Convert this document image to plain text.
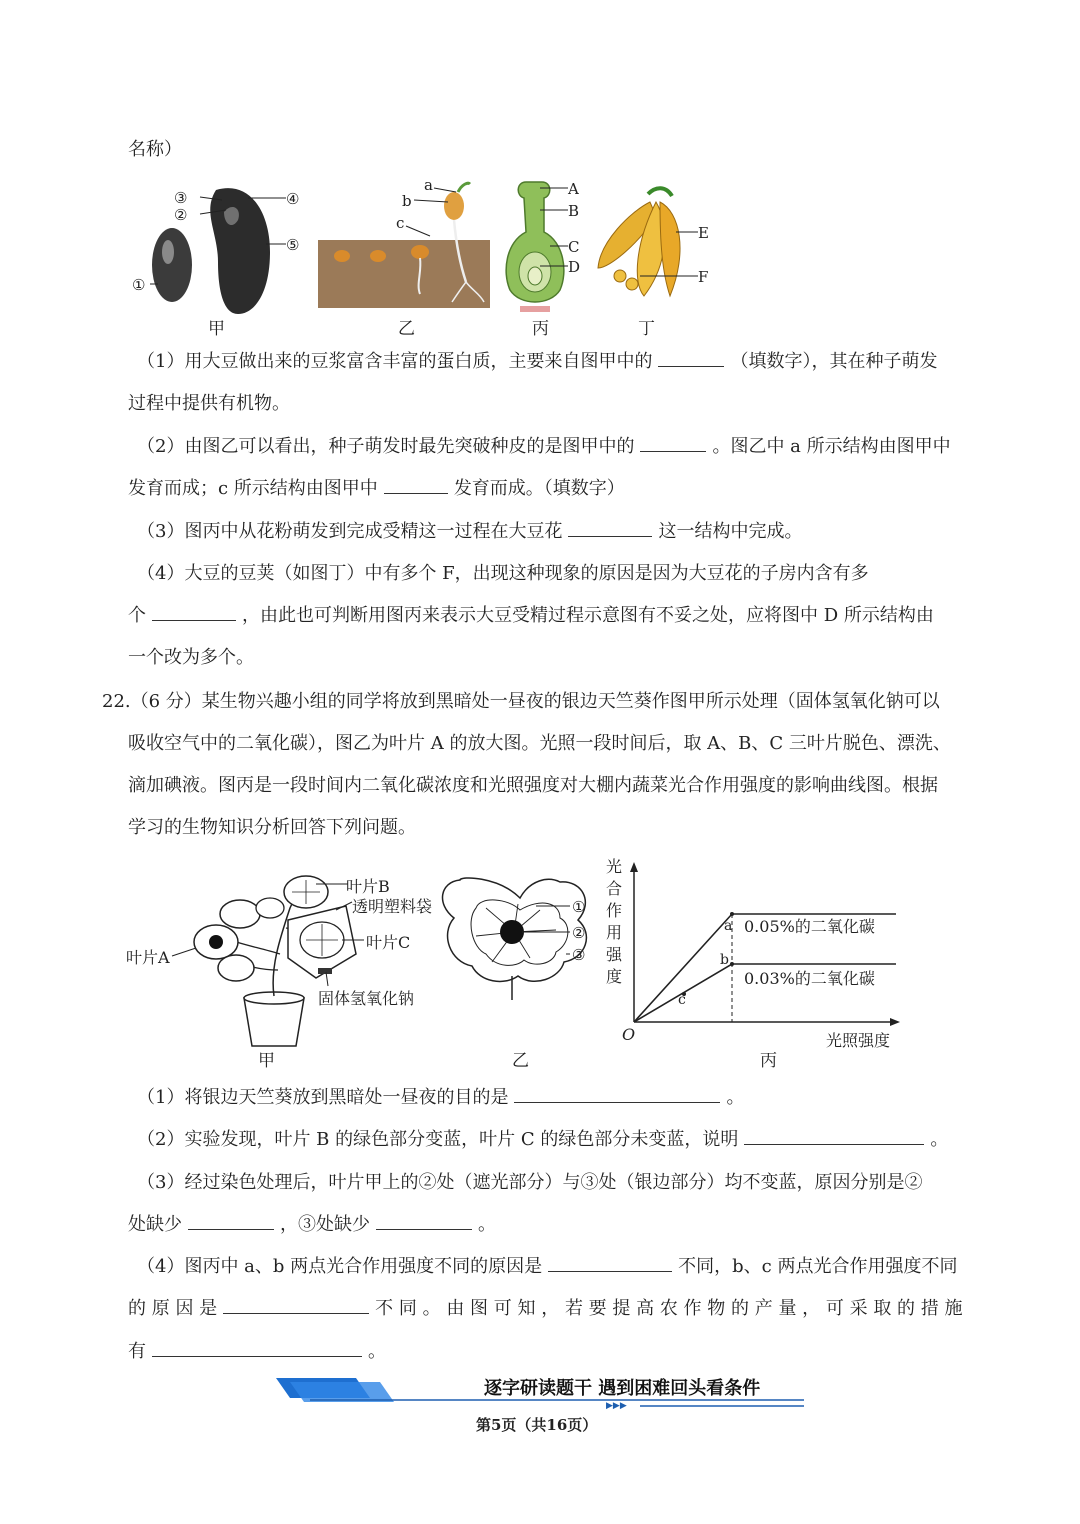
名称）
③
②
④
⑤
①
a
b
c
A
B
C
D
E
F
甲	乙	丙	丁
（1）用大豆做出来的豆浆富含丰富的蛋白质，主要来自图甲中的	（填数字），其在种子萌发
过程中提供有机物。
（2）由图乙可以看出，种子萌发时最先突破种皮的是图甲中的	。图乙中 a 所示结构由图甲中
发育而成；c 所示结构由图甲中	发育而成。（填数字）
（3）图丙中从花粉萌发到完成受精这一过程在大豆花	这一结构中完成。
（4）大豆的豆荚（如图丁）中有多个 F，出现这种现象的原因是因为大豆花的子房内含有多
个	，由此也可判断用图丙来表示大豆受精过程示意图有不妥之处，应将图中 D 所示结构由
一个改为多个。
22.（6 分）某生物兴趣小组的同学将放到黑暗处一昼夜的银边天竺葵作图甲所示处理（固体氢氧化钠可以
吸收空气中的二氧化碳），图乙为叶片 A 的放大图。光照一段时间后，取 A、B、C 三叶片脱色、漂洗、
滴加碘液。图丙是一段时间内二氧化碳浓度和光照强度对大棚内蔬菜光合作用强度的影响曲线图。根据
学习的生物知识分析回答下列问题。
①
②
③
叶片B
透明塑料袋
叶片C
叶片A
固体氢氧化钠
a
b
c
0.05%的二氧化碳
0.03%的二氧化碳
O
光合作用强度
光照强度
甲	乙	丙
（1）将银边天竺葵放到黑暗处一昼夜的目的是	。
（2）实验发现，叶片 B 的绿色部分变蓝，叶片 C 的绿色部分未变蓝，说明	。
（3）经过染色处理后，叶片甲上的②处（遮光部分）与③处（银边部分）均不变蓝，原因分别是②
处缺少	，③处缺少	。
（4）图丙中 a、b 两点光合作用强度不同的原因是	不同，b、c 两点光合作用强度不同
的 原 因 是	不 同 。 由 图 可 知 ， 若 要 提 高 农 作 物 的 产 量 ， 可 采 取 的 措 施
有	。
逐字研读题干 遇到困难回头看条件
▶▶▶
第5页（共16页）
